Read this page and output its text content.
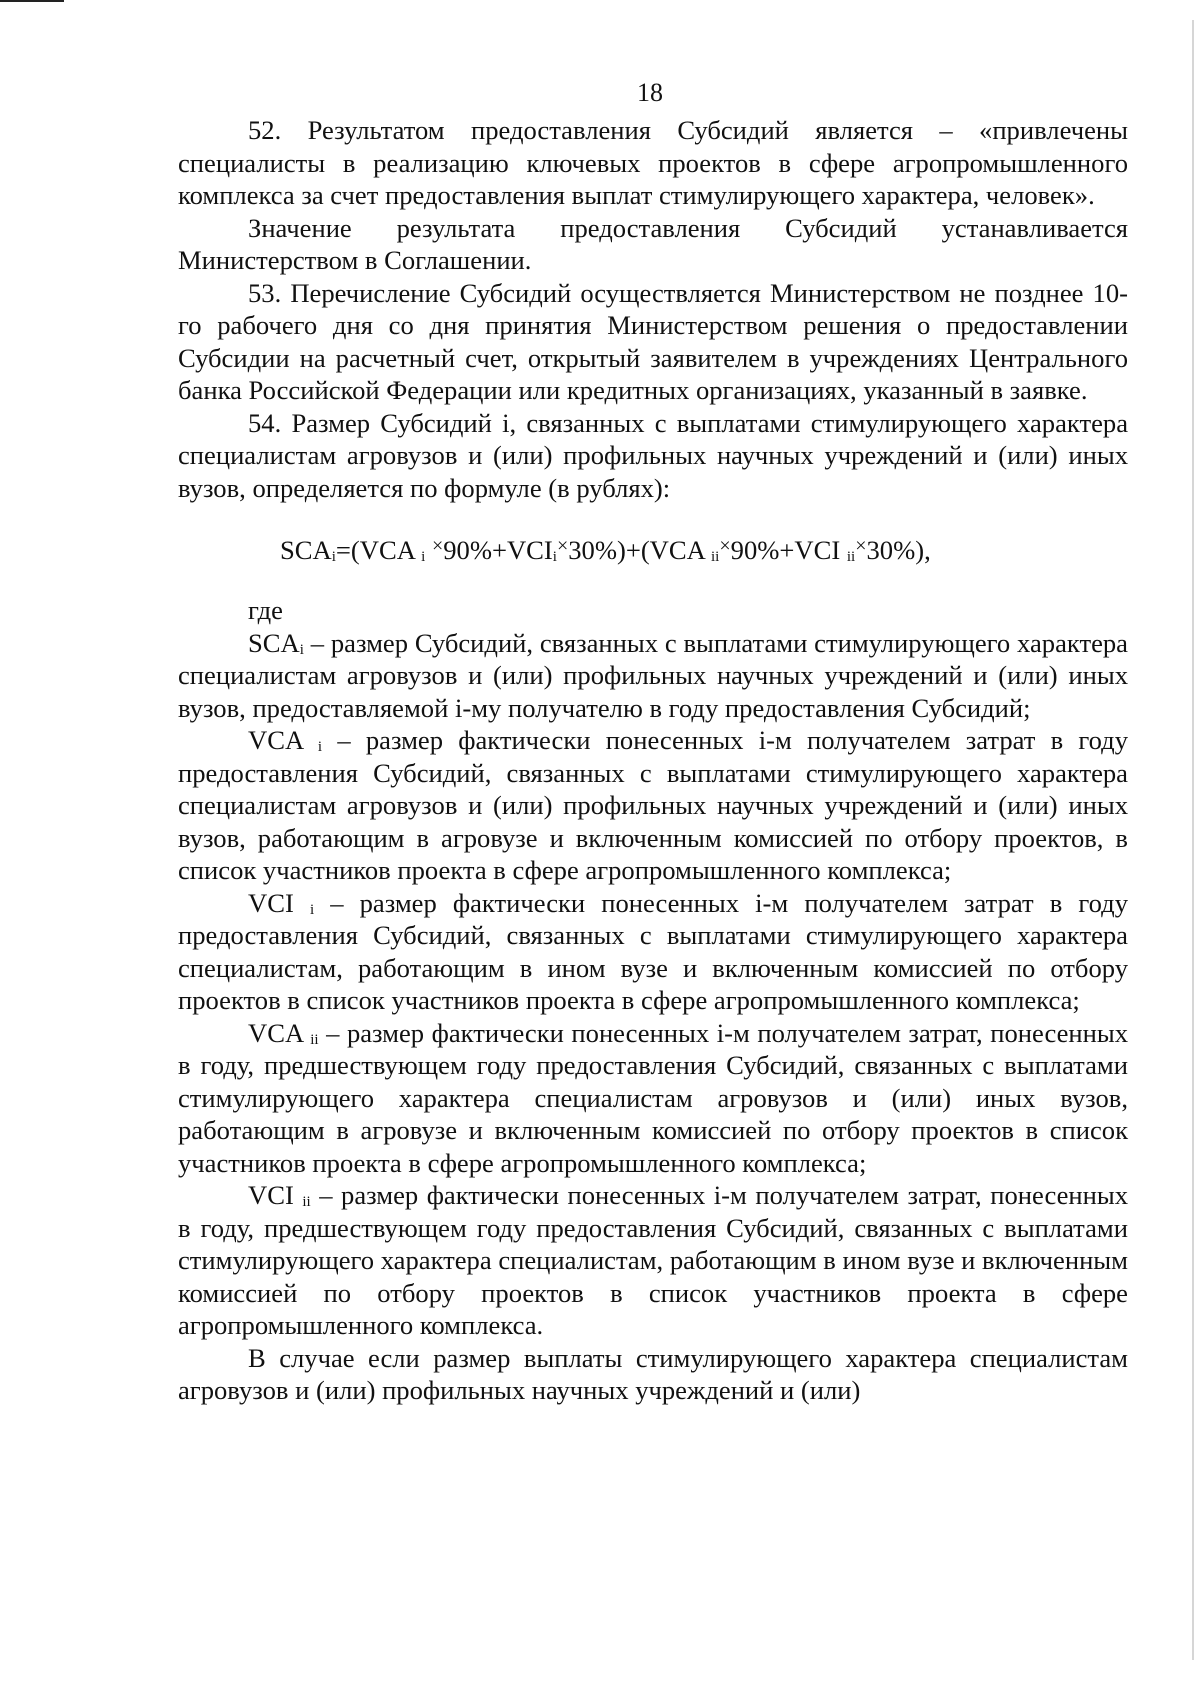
18

52. Результатом предоставления Субсидий является – «привлечены специалисты в реализацию ключевых проектов в сфере агропромышленного комплекса за счет предоставления выплат стимулирующего характера, человек».

Значение результата предоставления Субсидий устанавливается Министерством в Соглашении.

53. Перечисление Субсидий осуществляется Министерством не позднее 10-го рабочего дня со дня принятия Министерством решения о предоставлении Субсидии на расчетный счет, открытый заявителем в учреждениях Центрального банка Российской Федерации или кредитных организациях, указанный в заявке.

54. Размер Субсидий i, связанных с выплатами стимулирующего характера специалистам агровузов и (или) профильных научных учреждений и (или) иных вузов, определяется по формуле (в рублях):

$SCA_i=(VCA$ $_i$ $^\times 90\%+VCI_i^\times 30\%)+(VCA$ $_{ii}$×90%+VCI $_{ii}$×30%),

где

$SCA_i$ – размер Субсидий, связанных с выплатами стимулирующего характера специалистам агровузов и (или) профильных научных учреждений и (или) иных вузов, предоставляемой i-му получателю в году предоставления Субсидий;

VCA $_i$ – размер фактически понесенных i-м получателем затрат в году предоставления Субсидий, связанных с выплатами стимулирующего характера специалистам агровузов и (или) профильных научных учреждений и (или) иных вузов, работающим в агровузе и включенным комиссией по отбору проектов, в список участников проекта в сфере агропромышленного комплекса;

VCI $_i$ – размер фактически понесенных i-м получателем затрат в году предоставления Субсидий, связанных с выплатами стимулирующего характера специалистам, работающим в ином вузе и включенным комиссией по отбору проектов в список участников проекта в сфере агропромышленного комплекса;

VCA $_{ii}$ – размер фактически понесенных i-м получателем затрат, понесенных в году, предшествующем году предоставления Субсидий, связанных с выплатами стимулирующего характера специалистам агровузов и (или) иных вузов, работающим в агровузе и включенным комиссией по отбору проектов в список участников проекта в сфере агропромышленного комплекса;

VCI $_{ii}$ – размер фактически понесенных i-м получателем затрат, понесенных в году, предшествующем году предоставления Субсидий, связанных с выплатами стимулирующего характера специалистам, работающим в ином вузе и включенным комиссией по отбору проектов в список участников проекта в сфере агропромышленного комплекса.

В случае если размер выплаты стимулирующего характера специалистам агровузов и (или) профильных научных учреждений и (или)
